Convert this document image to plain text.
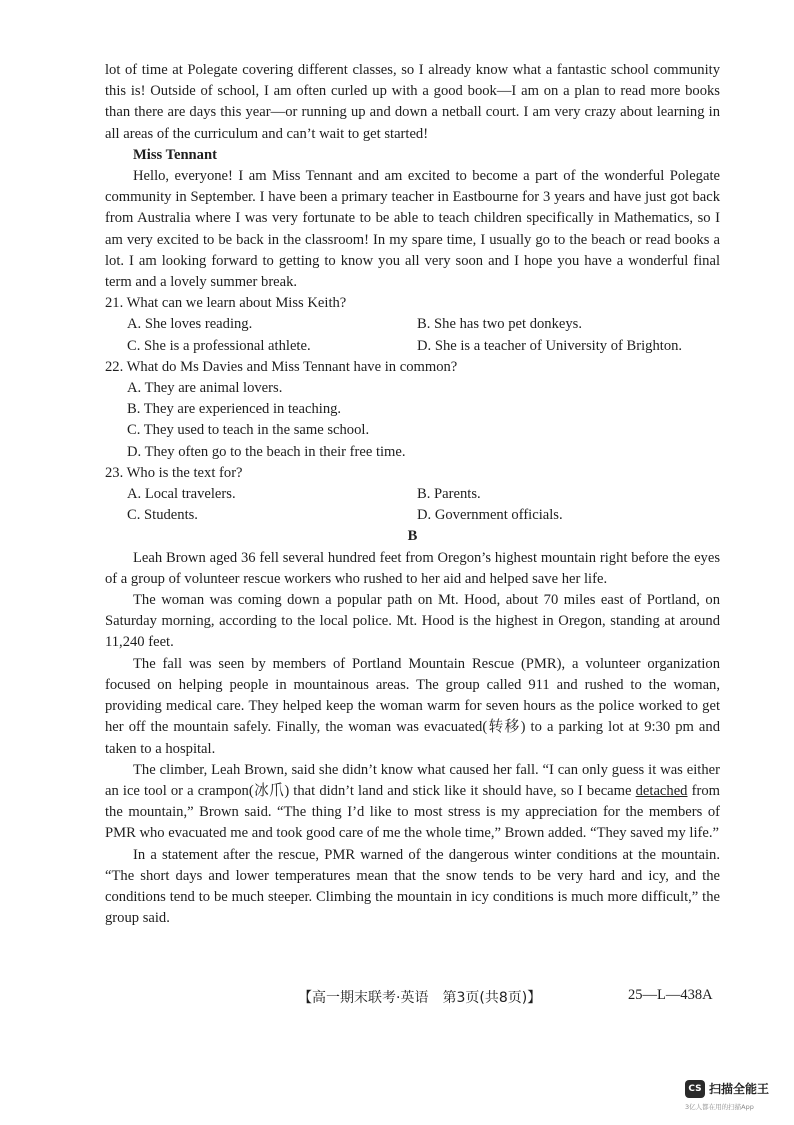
lot of time at Polegate covering different classes, so I already know what a fantastic school community this is! Outside of school, I am often curled up with a good book—I am on a plan to read more books than there are days this year—or running up and down a netball court. I am very crazy about learning in all areas of the curriculum and can’t wait to get started!

Miss Tennant

Hello, everyone! I am Miss Tennant and am excited to become a part of the wonderful Polegate community in September. I have been a primary teacher in Eastbourne for 3 years and have just got back from Australia where I was very fortunate to be able to teach children specifically in Mathematics, so I am very excited to be back in the classroom! In my spare time, I usually go to the beach or read books a lot. I am looking forward to getting to know you all very soon and I hope you have a wonderful final term and a lovely summer break.

21. What can we learn about Miss Keith?

A. She loves reading.	B. She has two pet donkeys.
C. She is a professional athlete.	D. She is a teacher of University of Brighton.

22. What do Ms Davies and Miss Tennant have in common?

A. They are animal lovers.
B. They are experienced in teaching.
C. They used to teach in the same school.
D. They often go to the beach in their free time.

23. Who is the text for?

A. Local travelers.	B. Parents.
C. Students.	D. Government officials.

B

Leah Brown aged 36 fell several hundred feet from Oregon’s highest mountain right before the eyes of a group of volunteer rescue workers who rushed to her aid and helped save her life.

The woman was coming down a popular path on Mt. Hood, about 70 miles east of Portland, on Saturday morning, according to the local police. Mt. Hood is the highest in Oregon, standing at around 11,240 feet.

The fall was seen by members of Portland Mountain Rescue (PMR), a volunteer organization focused on helping people in mountainous areas. The group called 911 and rushed to the woman, providing medical care. They helped keep the woman warm for seven hours as the police worked to get her off the mountain safely. Finally, the woman was evacuated(转移) to a parking lot at 9:30 pm and taken to a hospital.

The climber, Leah Brown, said she didn’t know what caused her fall. “I can only guess it was either an ice tool or a crampon(冰爪) that didn’t land and stick like it should have, so I became detached from the mountain,” Brown said. “The thing I’d like to most stress is my appreciation for the members of PMR who evacuated me and took good care of me the whole time,” Brown added. “They saved my life.”

In a statement after the rescue, PMR warned of the dangerous winter conditions at the mountain. “The short days and lower temperatures mean that the snow tends to be very hard and icy, and the conditions tend to be much steeper. Climbing the mountain in icy conditions is much more difficult,” the group said.

【高一期末联考·英语　第3页(共8页)】	25—L—438A
CS 扫描全能王
3亿人都在用的扫描App
